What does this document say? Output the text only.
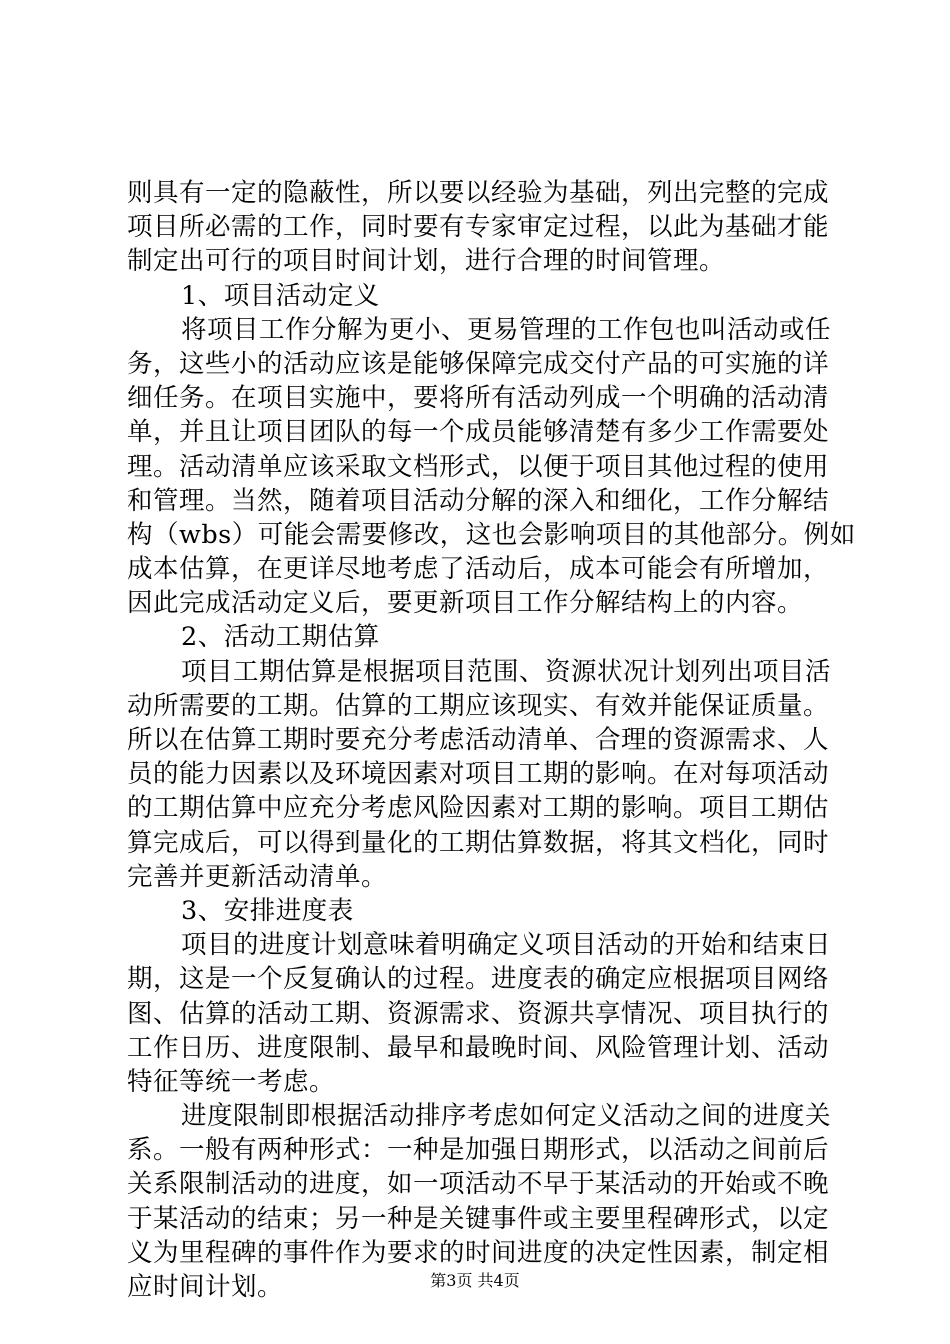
则具有一定的隐蔽性，所以要以经验为基础，列出完整的完成
项目所必需的工作，同时要有专家审定过程，以此为基础才能
制定出可行的项目时间计划，进行合理的时间管理。
1、项目活动定义
将项目工作分解为更小、更易管理的工作包也叫活动或任
务，这些小的活动应该是能够保障完成交付产品的可实施的详
细任务。在项目实施中，要将所有活动列成一个明确的活动清
单，并且让项目团队的每一个成员能够清楚有多少工作需要处
理。活动清单应该采取文档形式，以便于项目其他过程的使用
和管理。当然，随着项目活动分解的深入和细化，工作分解结
构（wbs）可能会需要修改，这也会影响项目的其他部分。例如
成本估算，在更详尽地考虑了活动后，成本可能会有所增加，
因此完成活动定义后，要更新项目工作分解结构上的内容。
2、活动工期估算
项目工期估算是根据项目范围、资源状况计划列出项目活
动所需要的工期。估算的工期应该现实、有效并能保证质量。
所以在估算工期时要充分考虑活动清单、合理的资源需求、人
员的能力因素以及环境因素对项目工期的影响。在对每项活动
的工期估算中应充分考虑风险因素对工期的影响。项目工期估
算完成后，可以得到量化的工期估算数据，将其文档化，同时
完善并更新活动清单。
3、安排进度表
项目的进度计划意味着明确定义项目活动的开始和结束日
期，这是一个反复确认的过程。进度表的确定应根据项目网络
图、估算的活动工期、资源需求、资源共享情况、项目执行的
工作日历、进度限制、最早和最晚时间、风险管理计划、活动
特征等统一考虑。
进度限制即根据活动排序考虑如何定义活动之间的进度关
系。一般有两种形式：一种是加强日期形式，以活动之间前后
关系限制活动的进度，如一项活动不早于某活动的开始或不晚
于某活动的结束；另一种是关键事件或主要里程碑形式，以定
义为里程碑的事件作为要求的时间进度的决定性因素，制定相
应时间计划。	第3页 共4页
